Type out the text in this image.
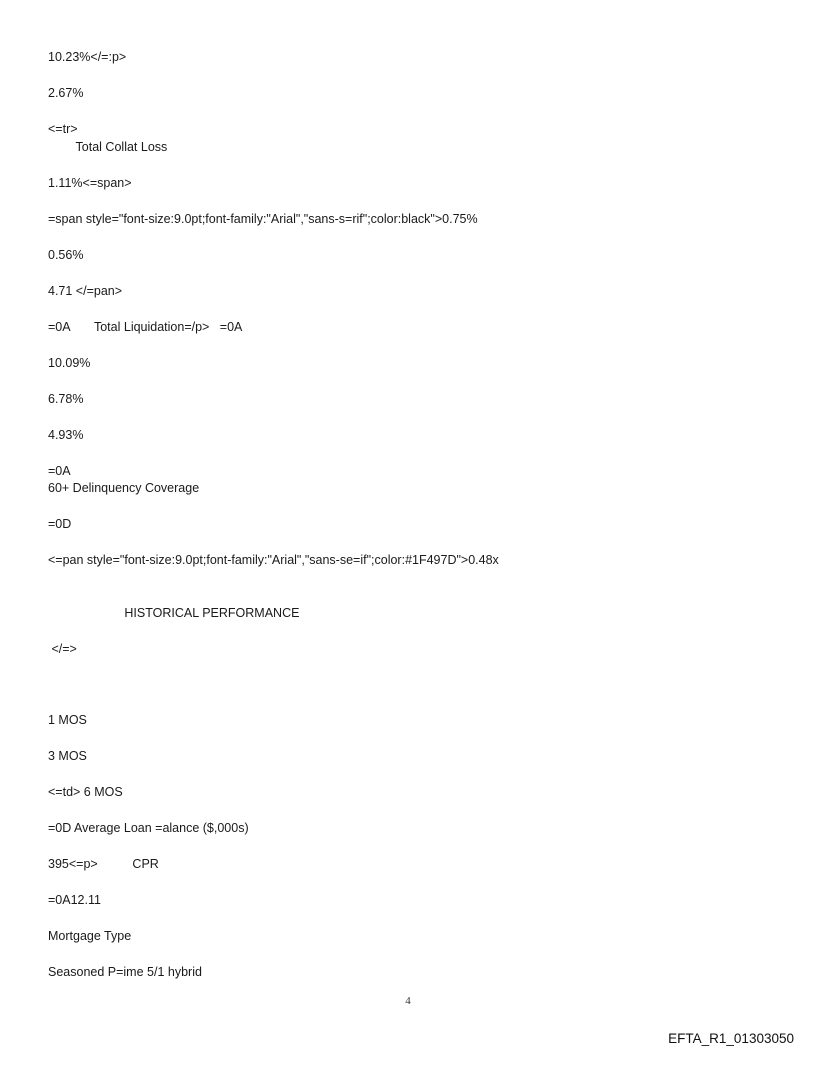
10.23%</=:p>

2.67%

<=tr>

Total Collat Loss

1.11%<=span>

=span style="font-size:9.0pt;font-family:"Arial","sans-s=rif";color:black">0.75%

0.56%

4.71 </=pan>

=0A       Total Liquidation=/p>   =0A

10.09%

6.78%

4.93%

=0A

60+ Delinquency Coverage

=0D

<=pan style="font-size:9.0pt;font-family:"Arial","sans-se=if";color:#1F497D">0.48x

HISTORICAL PERFORMANCE

</=>

1 MOS

3 MOS

<=td> 6 MOS

=0D Average Loan =alance ($,000s)

395<=p>          CPR

=0A12.11

Mortgage Type

Seasoned P=ime 5/1 hybrid

4
EFTA_R1_01303050
